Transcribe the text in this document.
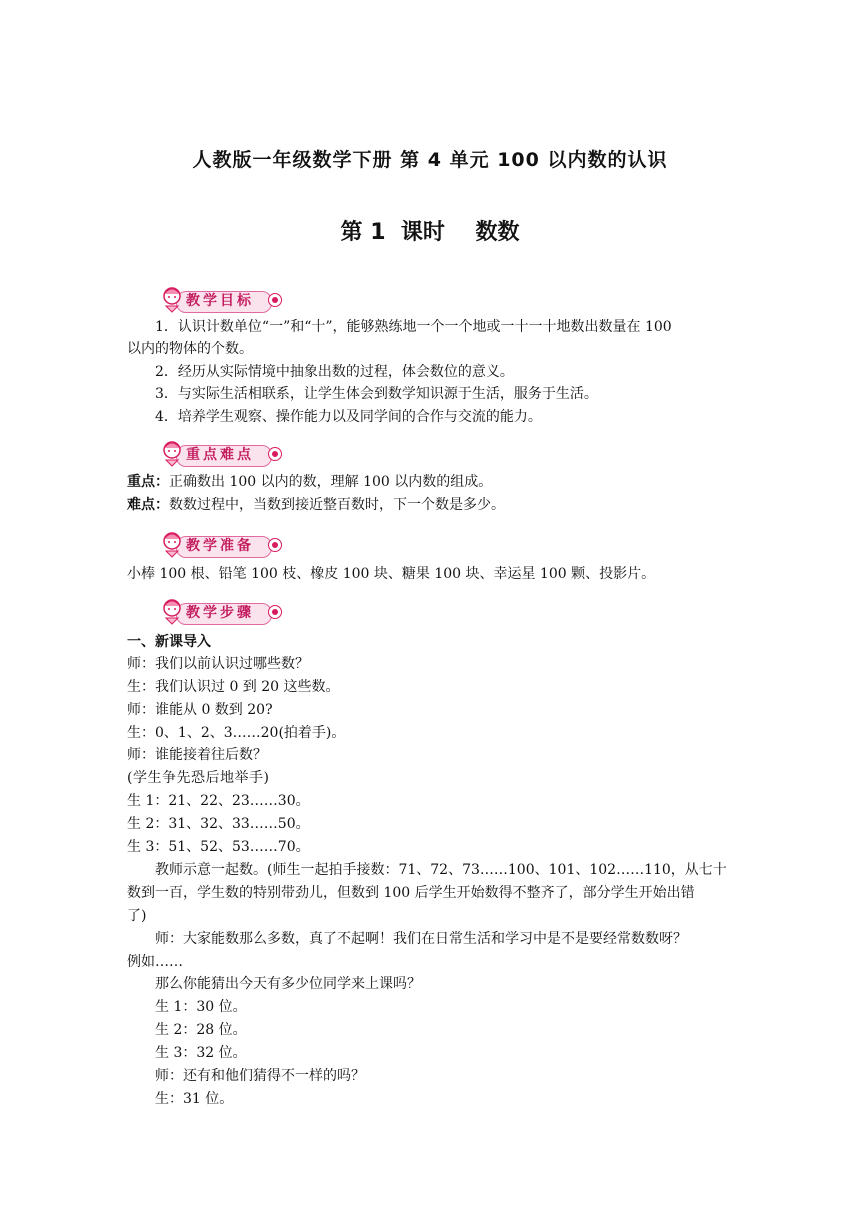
人教版一年级数学下册 第 4 单元 100 以内数的认识
第 1  课时    数数
教学目标
1．认识计数单位“一”和“十”，能够熟练地一个一个地或一十一十地数出数量在 100
以内的物体的个数。
2．经历从实际情境中抽象出数的过程，体会数位的意义。
3．与实际生活相联系，让学生体会到数学知识源于生活，服务于生活。
4．培养学生观察、操作能力以及同学间的合作与交流的能力。
重点难点
重点：正确数出 100 以内的数，理解 100 以内数的组成。
难点：数数过程中，当数到接近整百数时，下一个数是多少。
教学准备
小棒 100 根、铅笔 100 枝、橡皮 100 块、糖果 100 块、幸运星 100 颗、投影片。
教学步骤
一、新课导入
师：我们以前认识过哪些数？
生：我们认识过 0 到 20 这些数。
师：谁能从 0 数到 20?
生：0、1、2、3……20(拍着手)。
师：谁能接着往后数？
(学生争先恐后地举手)
生 1：21、22、23……30。
生 2：31、32、33……50。
生 3：51、52、53……70。
教师示意一起数。(师生一起拍手接数：71、72、73……100、101、102……110，从七十
数到一百，学生数的特别带劲儿，但数到 100 后学生开始数得不整齐了，部分学生开始出错
了)
师：大家能数那么多数，真了不起啊！我们在日常生活和学习中是不是要经常数数呀？
例如……
那么你能猜出今天有多少位同学来上课吗？
生 1：30 位。
生 2：28 位。
生 3：32 位。
师：还有和他们猜得不一样的吗？
生：31 位。
